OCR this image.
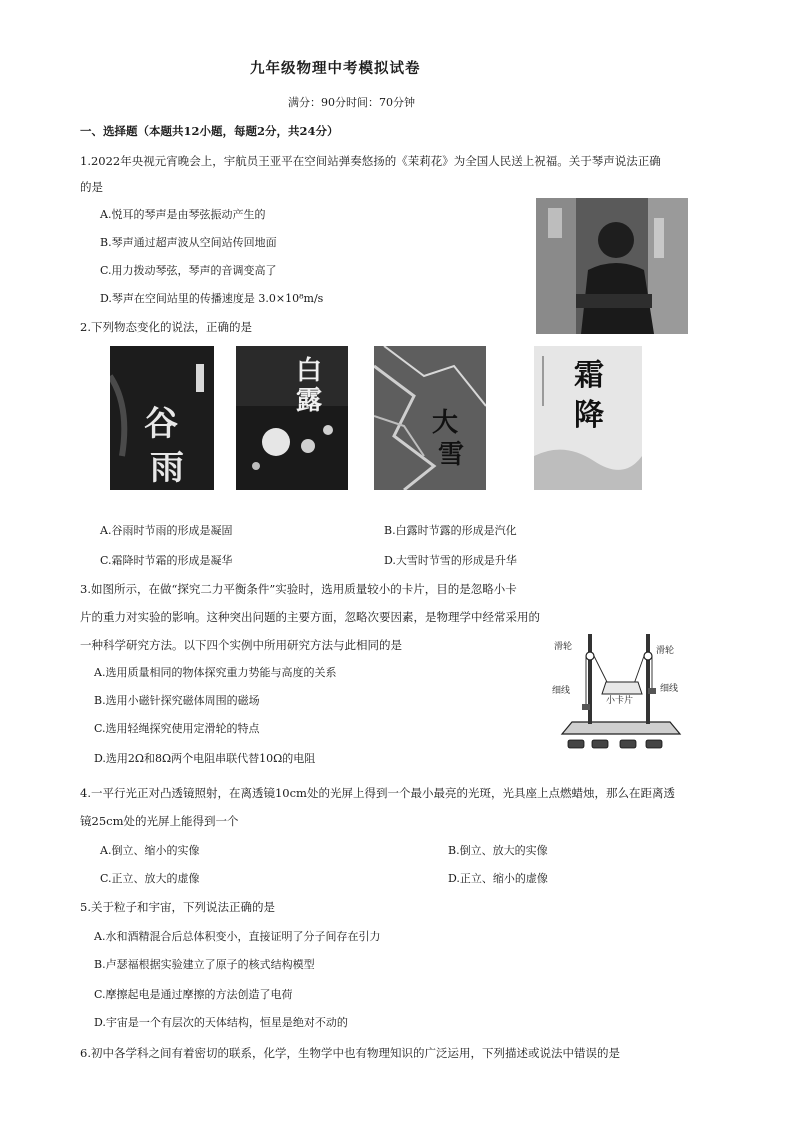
九年级物理中考模拟试卷
满分：90分时间：70分钟
一、选择题（本题共12小题，每题2分，共24分）
1.2022年央视元宵晚会上，宇航员王亚平在空间站弹奏悠扬的《茉莉花》为全国人民送上祝福。关于琴声说法正确
的是
A.悦耳的琴声是由琴弦振动产生的
B.琴声通过超声波从空间站传回地面
C.用力拨动琴弦，琴声的音调变高了
D.琴声在空间站里的传播速度是 3.0×10⁸m/s
2.下列物态变化的说法，正确的是
谷
雨
白
露
大
雪
霜
降
A.谷雨时节雨的形成是凝固	B.白露时节露的形成是汽化
C.霜降时节霜的形成是凝华	D.大雪时节雪的形成是升华
3.如图所示，在做“探究二力平衡条件”实验时，选用质量较小的卡片，目的是忽略小卡
片的重力对实验的影响。这种突出问题的主要方面，忽略次要因素，是物理学中经常采用的
一种科学研究方法。以下四个实例中所用研究方法与此相同的是
A.选用质量相同的物体探究重力势能与高度的关系
B.选用小磁针探究磁体周围的磁场
C.选用轻绳探究使用定滑轮的特点
D.选用2Ω和8Ω两个电阻串联代替10Ω的电阻
滑轮	滑轮
细线	细线
小卡片
4.一平行光正对凸透镜照射，在离透镜10cm处的光屏上得到一个最小最亮的光斑，光具座上点燃蜡烛，那么在距离透
镜25cm处的光屏上能得到一个
A.倒立、缩小的实像	B.倒立、放大的实像
C.正立、放大的虚像	D.正立、缩小的虚像
5.关于粒子和宇宙，下列说法正确的是
A.水和酒精混合后总体积变小，直接证明了分子间存在引力
B.卢瑟福根据实验建立了原子的核式结构模型
C.摩擦起电是通过摩擦的方法创造了电荷
D.宇宙是一个有层次的天体结构，恒星是绝对不动的
6.初中各学科之间有着密切的联系，化学，生物学中也有物理知识的广泛运用，下列描述或说法中错误的是
